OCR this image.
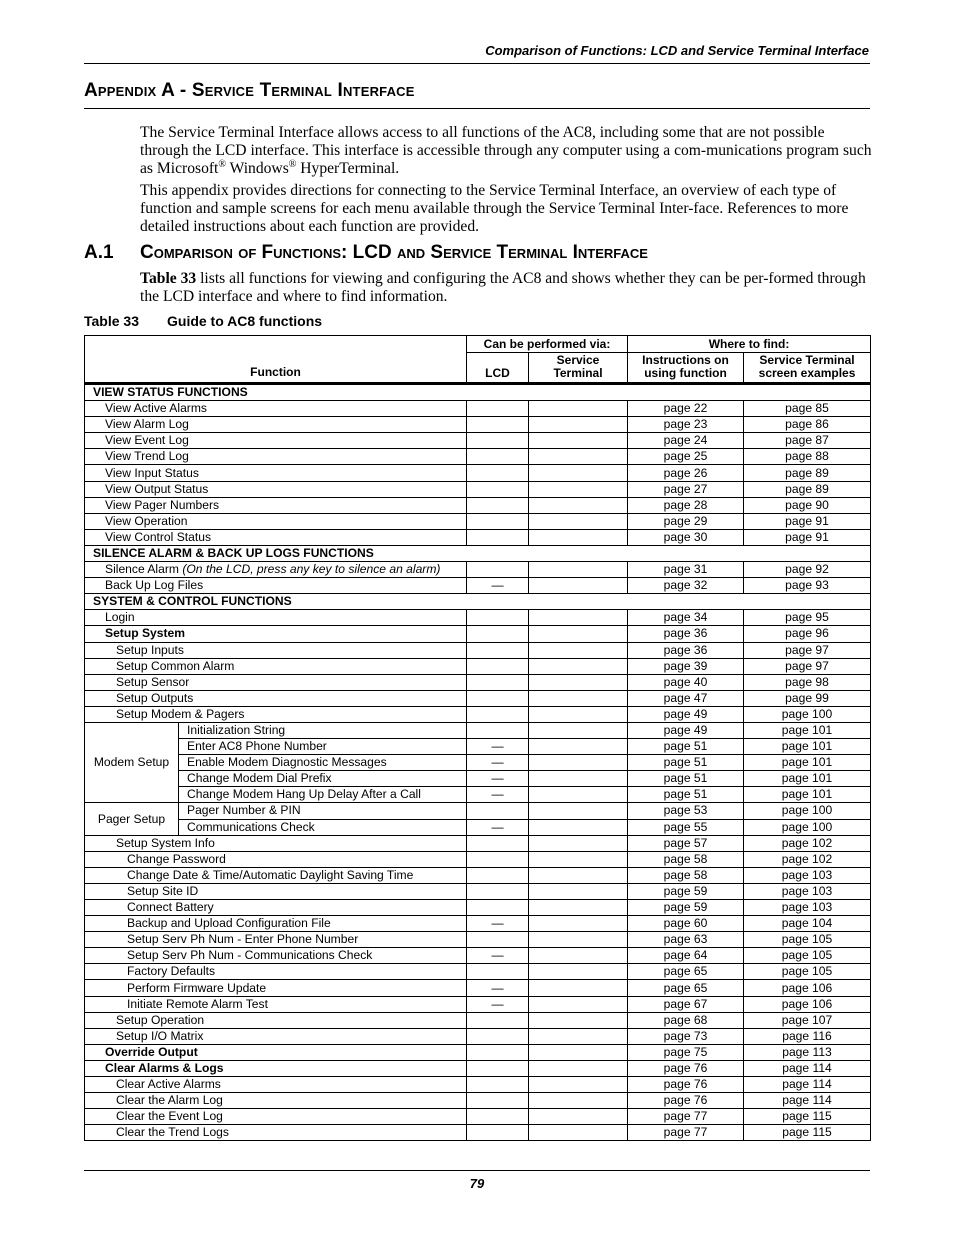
Comparison of Functions: LCD and Service Terminal Interface
Appendix A - Service Terminal Interface
The Service Terminal Interface allows access to all functions of the AC8, including some that are not possible through the LCD interface. This interface is accessible through any computer using a com-munications program such as Microsoft® Windows® HyperTerminal.
This appendix provides directions for connecting to the Service Terminal Interface, an overview of each type of function and sample screens for each menu available through the Service Terminal Inter-face. References to more detailed instructions about each function are provided.
A.1 Comparison of Functions: LCD and Service Terminal Interface
Table 33 lists all functions for viewing and configuring the AC8 and shows whether they can be per-formed through the LCD interface and where to find information.
Table 33 Guide to AC8 functions
Function		Can be performed via:		Where to find:	
		LCD	Service Terminal	Instructions on using function	Service Terminal screen examples
VIEW STATUS FUNCTIONS					
View Active Alarms				page 22	page 85
View Alarm Log				page 23	page 86
View Event Log				page 24	page 87
View Trend Log				page 25	page 88
View Input Status				page 26	page 89
View Output Status				page 27	page 89
View Pager Numbers				page 28	page 90
View Operation				page 29	page 91
View Control Status				page 30	page 91
SILENCE ALARM & BACK UP LOGS FUNCTIONS					
Silence Alarm (On the LCD, press any key to silence an alarm)				page 31	page 92
Back Up Log Files		—		page 32	page 93
SYSTEM & CONTROL FUNCTIONS					
Login				page 34	page 95
Setup System				page 36	page 96
Setup Inputs				page 36	page 97
Setup Common Alarm				page 39	page 97
Setup Sensor				page 40	page 98
Setup Outputs				page 47	page 99
Setup Modem & Pagers				page 49	page 100
Modem Setup	Initialization String			page 49	page 101
	Enter AC8 Phone Number	—		page 51	page 101
	Enable Modem Diagnostic Messages	—		page 51	page 101
	Change Modem Dial Prefix	—		page 51	page 101
	Change Modem Hang Up Delay After a Call	—		page 51	page 101
Pager Setup	Pager Number & PIN			page 53	page 100
	Communications Check	—		page 55	page 100
Setup System Info				page 57	page 102
Change Password				page 58	page 102
Change Date & Time/Automatic Daylight Saving Time				page 58	page 103
Setup Site ID				page 59	page 103
Connect Battery				page 59	page 103
Backup and Upload Configuration File		—		page 60	page 104
Setup Serv Ph Num - Enter Phone Number				page 63	page 105
Setup Serv Ph Num - Communications Check		—		page 64	page 105
Factory Defaults				page 65	page 105
Perform Firmware Update		—		page 65	page 106
Initiate Remote Alarm Test		—		page 67	page 106
Setup Operation				page 68	page 107
Setup I/O Matrix				page 73	page 116
Override Output				page 75	page 113
Clear Alarms & Logs				page 76	page 114
Clear Active Alarms				page 76	page 114
Clear the Alarm Log				page 76	page 114
Clear the Event Log				page 77	page 115
Clear the Trend Logs				page 77	page 115
79
